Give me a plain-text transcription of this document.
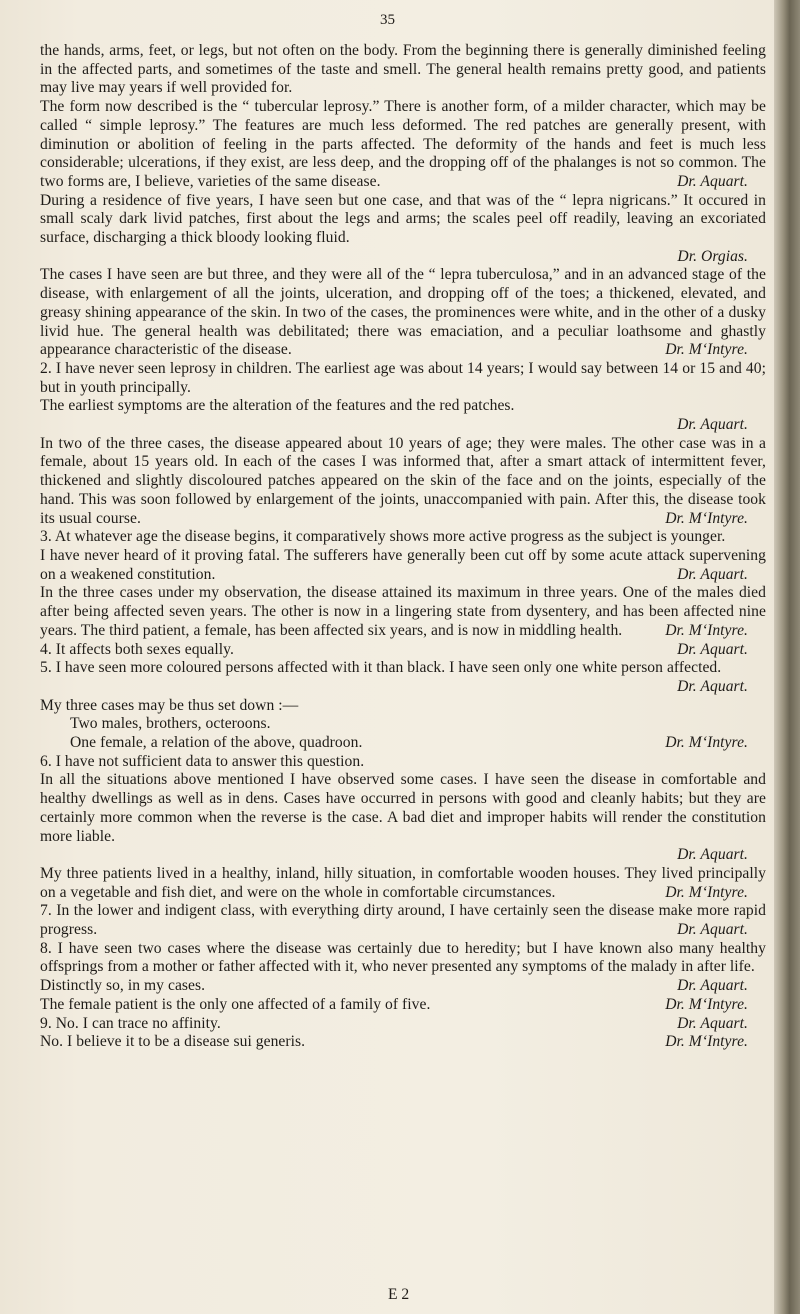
35

the hands, arms, feet, or legs, but not often on the body. From the beginning there is generally diminished feeling in the affected parts, and sometimes of the taste and smell. The general health remains pretty good, and patients may live may years if well provided for.

The form now described is the “ tubercular leprosy.” There is another form, of a milder character, which may be called “ simple leprosy.” The features are much less deformed. The red patches are generally present, with diminution or abolition of feeling in the parts affected. The deformity of the hands and feet is much less considerable; ulcerations, if they exist, are less deep, and the dropping off of the phalanges is not so common. The two forms are, I believe, varieties of the same disease.	Dr. Aquart.

During a residence of five years, I have seen but one case, and that was of the “ lepra nigricans.” It occured in small scaly dark livid patches, first about the legs and arms; the scales peel off readily, leaving an excoriated surface, discharging a thick bloody looking fluid.

Dr. Orgias.

The cases I have seen are but three, and they were all of the “ lepra tuberculosa,” and in an advanced stage of the disease, with enlargement of all the joints, ulceration, and dropping off of the toes; a thickened, elevated, and greasy shining appearance of the skin. In two of the cases, the prominences were white, and in the other of a dusky livid hue. The general health was debilitated; there was emaciation, and a peculiar loathsome and ghastly appearance characteristic of the disease.	Dr. M‘Intyre.

2. I have never seen leprosy in children. The earliest age was about 14 years; I would say between 14 or 15 and 40; but in youth principally.

The earliest symptoms are the alteration of the features and the red patches.

Dr. Aquart.

In two of the three cases, the disease appeared about 10 years of age; they were males. The other case was in a female, about 15 years old. In each of the cases I was informed that, after a smart attack of intermittent fever, thickened and slightly discoloured patches appeared on the skin of the face and on the joints, especially of the hand. This was soon followed by enlargement of the joints, unaccompanied with pain. After this, the disease took its usual course.	Dr. M‘Intyre.

3. At whatever age the disease begins, it comparatively shows more active progress as the subject is younger.

I have never heard of it proving fatal. The sufferers have generally been cut off by some acute attack supervening on a weakened constitution.	Dr. Aquart.

In the three cases under my observation, the disease attained its maximum in three years. One of the males died after being affected seven years. The other is now in a lingering state from dysentery, and has been affected nine years. The third patient, a female, has been affected six years, and is now in middling health.	Dr. M‘Intyre.

4. It affects both sexes equally.	Dr. Aquart.

5. I have seen more coloured persons affected with it than black. I have seen only one white person affected.
Dr. Aquart.

My three cases may be thus set down :—

Two males, brothers, octeroons.

One female, a relation of the above, quadroon.	Dr. M‘Intyre.

6. I have not sufficient data to answer this question.

In all the situations above mentioned I have observed some cases. I have seen the disease in comfortable and healthy dwellings as well as in dens. Cases have occurred in persons with good and cleanly habits; but they are certainly more common when the reverse is the case. A bad diet and improper habits will render the constitution more liable.

Dr. Aquart.

My three patients lived in a healthy, inland, hilly situation, in comfortable wooden houses. They lived principally on a vegetable and fish diet, and were on the whole in comfortable circumstances.	Dr. M‘Intyre.

7. In the lower and indigent class, with everything dirty around, I have certainly seen the disease make more rapid progress.	Dr. Aquart.

8. I have seen two cases where the disease was certainly due to heredity; but I have known also many healthy offsprings from a mother or father affected with it, who never presented any symptoms of the malady in after life.
Dr. Aquart.

Distinctly so, in my cases.

The female patient is the only one affected of a family of five.	Dr. M‘Intyre.

9. No. I can trace no affinity.	Dr. Aquart.

No. I believe it to be a disease sui generis.	Dr. M‘Intyre.

E 2
